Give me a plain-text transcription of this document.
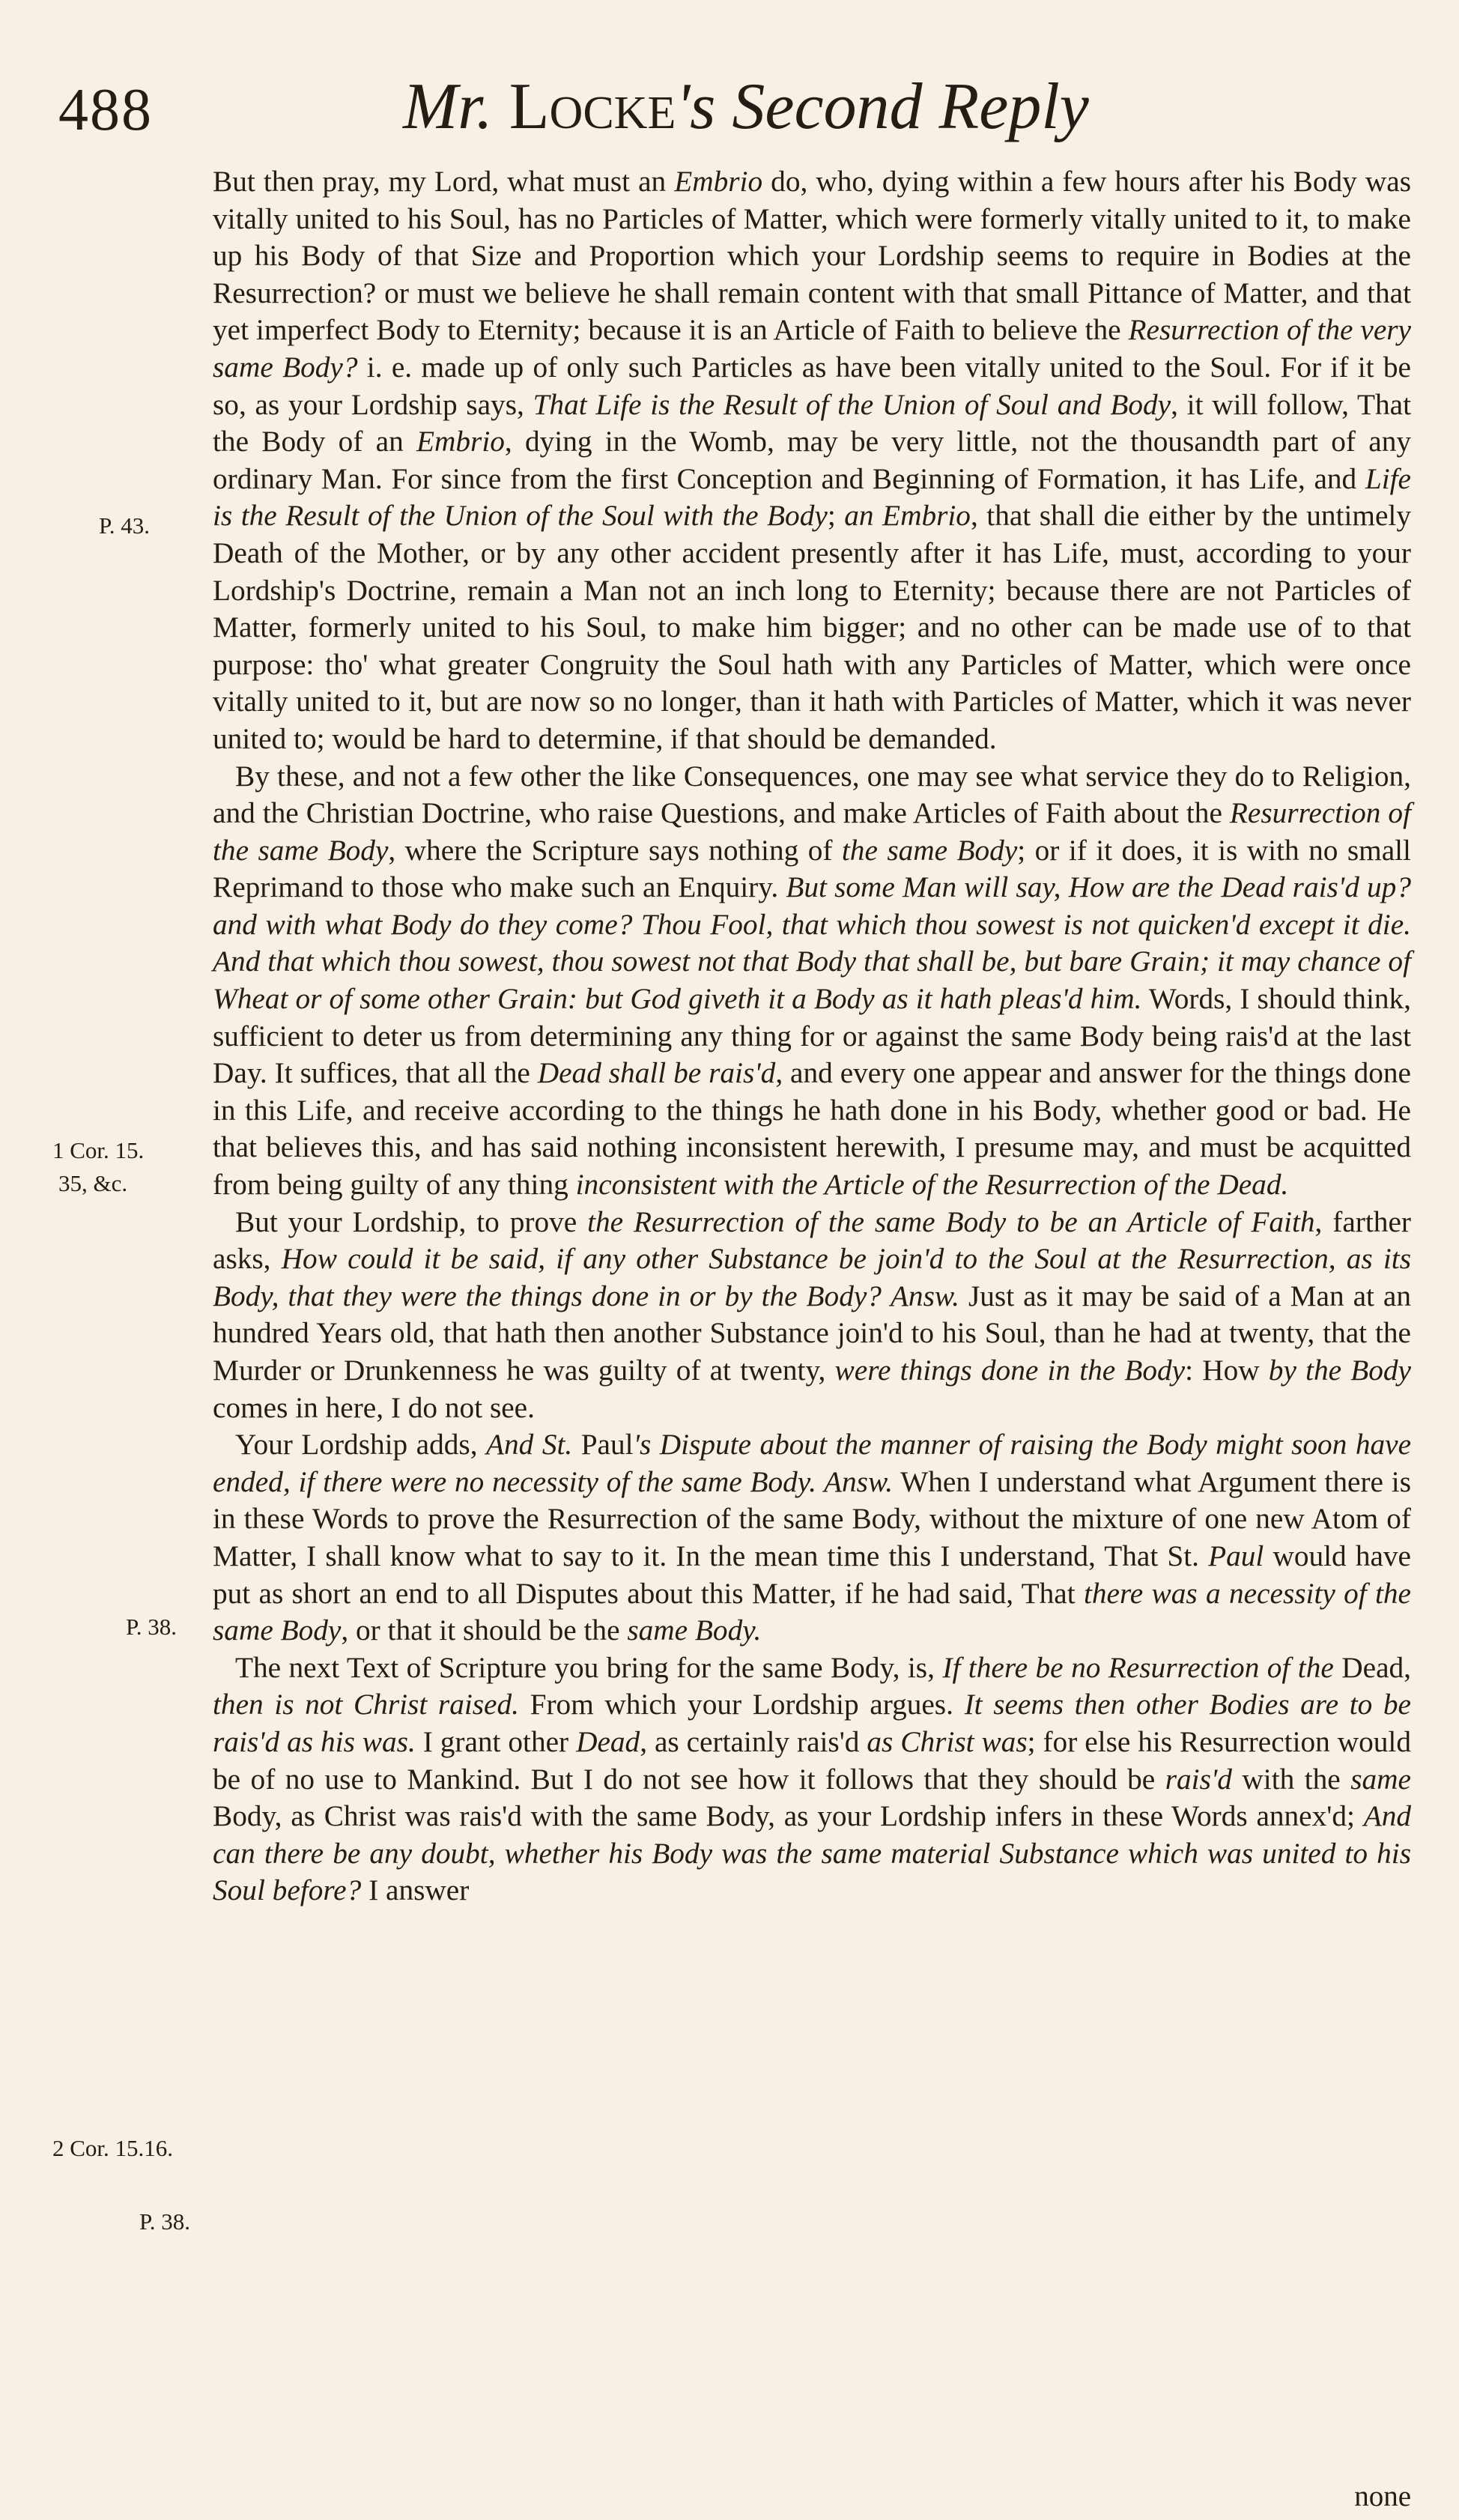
488	Mr. Locke's Second Reply

But then pray, my Lord, what must an Embrio do, who, dying within a few hours after his Body was vitally united to his Soul, has no Particles of Matter, which were formerly vitally united to it, to make up his Body of that Size and Proportion which your Lordship seems to require in Bodies at the Resurrection? or must we believe he shall remain content with that small Pittance of Matter, and that yet imperfect Body to Eternity; because it is an Article of Faith to believe the Resurrection of the very same Body? i. e. made up of only such Particles as have been vitally united to the Soul. For if it be so, as your Lordship says, That Life is the Result of the Union of Soul and Body, it will follow, That the Body of an Embrio, dying in the Womb, may be very little, not the thousandth part of any ordinary Man. For since from the first Conception and Beginning of Formation, it has Life, and Life is the Result of the Union of the Soul with the Body; an Embrio, that shall die either by the untimely Death of the Mother, or by any other accident presently after it has Life, must, according to your Lordship's Doctrine, remain a Man not an inch long to Eternity; because there are not Particles of Matter, formerly united to his Soul, to make him bigger; and no other can be made use of to that purpose: tho' what greater Congruity the Soul hath with any Particles of Matter, which were once vitally united to it, but are now so no longer, than it hath with Particles of Matter, which it was never united to; would be hard to determine, if that should be demanded.

By these, and not a few other the like Consequences, one may see what service they do to Religion, and the Christian Doctrine, who raise Questions, and make Articles of Faith about the Resurrection of the same Body, where the Scripture says nothing of the same Body; or if it does, it is with no small Reprimand to those who make such an Enquiry. But some Man will say, How are the Dead rais'd up? and with what Body do they come? Thou Fool, that which thou sowest is not quicken'd except it die. And that which thou sowest, thou sowest not that Body that shall be, but bare Grain; it may chance of Wheat or of some other Grain: but God giveth it a Body as it hath pleas'd him. Words, I should think, sufficient to deter us from determining any thing for or against the same Body being rais'd at the last Day. It suffices, that all the Dead shall be rais'd, and every one appear and answer for the things done in this Life, and receive according to the things he hath done in his Body, whether good or bad. He that believes this, and has said nothing inconsistent herewith, I presume may, and must be acquitted from being guilty of any thing inconsistent with the Article of the Resurrection of the Dead.

But your Lordship, to prove the Resurrection of the same Body to be an Article of Faith, farther asks, How could it be said, if any other Substance be join'd to the Soul at the Resurrection, as its Body, that they were the things done in or by the Body? Answ. Just as it may be said of a Man at an hundred Years old, that hath then another Substance join'd to his Soul, than he had at twenty, that the Murder or Drunkenness he was guilty of at twenty, were things done in the Body: How by the Body comes in here, I do not see.

Your Lordship adds, And St. Paul's Dispute about the manner of raising the Body might soon have ended, if there were no necessity of the same Body. Answ. When I understand what Argument there is in these Words to prove the Resurrection of the same Body, without the mixture of one new Atom of Matter, I shall know what to say to it. In the mean time this I understand, That St. Paul would have put as short an end to all Disputes about this Matter, if he had said, That there was a necessity of the same Body, or that it should be the same Body.

The next Text of Scripture you bring for the same Body, is, If there be no Resurrection of the Dead, then is not Christ raised. From which your Lordship argues. It seems then other Bodies are to be rais'd as his was. I grant other Dead, as certainly rais'd as Christ was; for else his Resurrection would be of no use to Mankind. But I do not see how it follows that they should be rais'd with the same Body, as Christ was rais'd with the same Body, as your Lordship infers in these Words annex'd; And can there be any doubt, whether his Body was the same material Substance which was united to his Soul before? I answer

P. 43.
1 Cor. 15.
35, &c.
P. 38.
2 Cor. 15.16.
P. 38.
none
